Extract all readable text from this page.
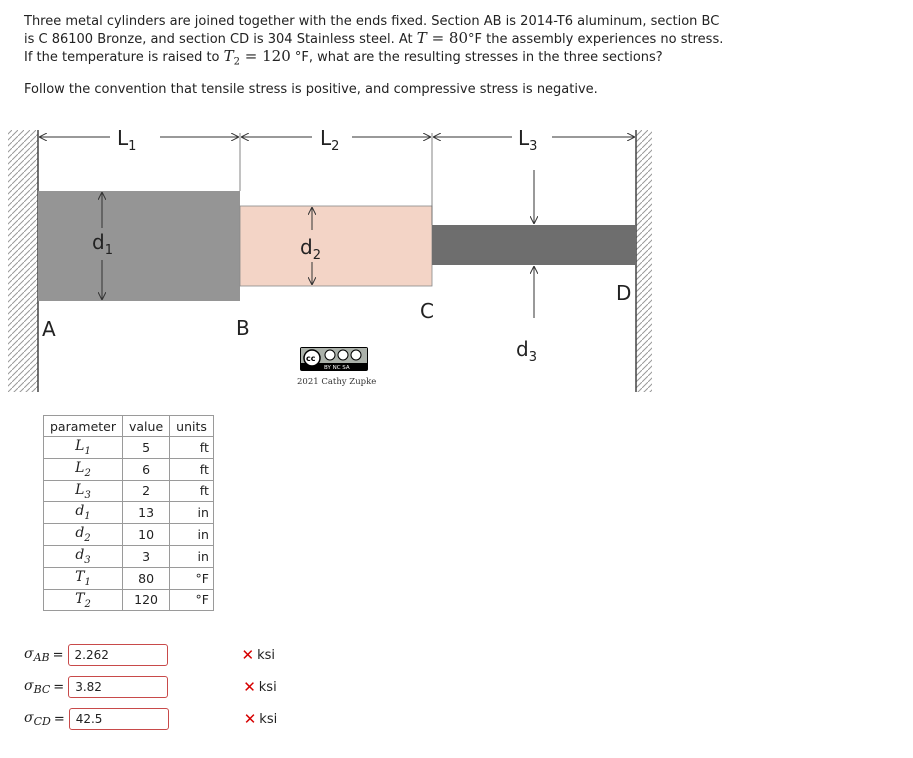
Three metal cylinders are joined together with the ends fixed. Section AB is 2014-T6 aluminum, section BC

is C 86100 Bronze, and section CD is 304 Stainless steel. At T = 80°F the assembly experiences no stress.

If the temperature is raised to $T_2 = 120$ °F, what are the resulting stresses in the three sections?

Follow the convention that tensile stress is positive, and compressive stress is negative.
$L_1$	$L_2$	$L_3$
$d_1$	$d_2$
$d_3$
A	B
C
D
cc
BY NC SA
2021 Cathy Zupke
parameter	value	units
$L_1$	5	ft
$L_2$	6	ft
$L_3$	2	ft
$d_1$	13	in
$d_2$	10	in
$d_3$	3	in
$T_1$	80	°F
$T_2$	120	°F
$\sigma_{AB}$ =
2.262	✕ ksi
$\sigma_{BC}$ =
3.82	✕ ksi
$\sigma_{CD}$ =
42.5	✕ ksi
